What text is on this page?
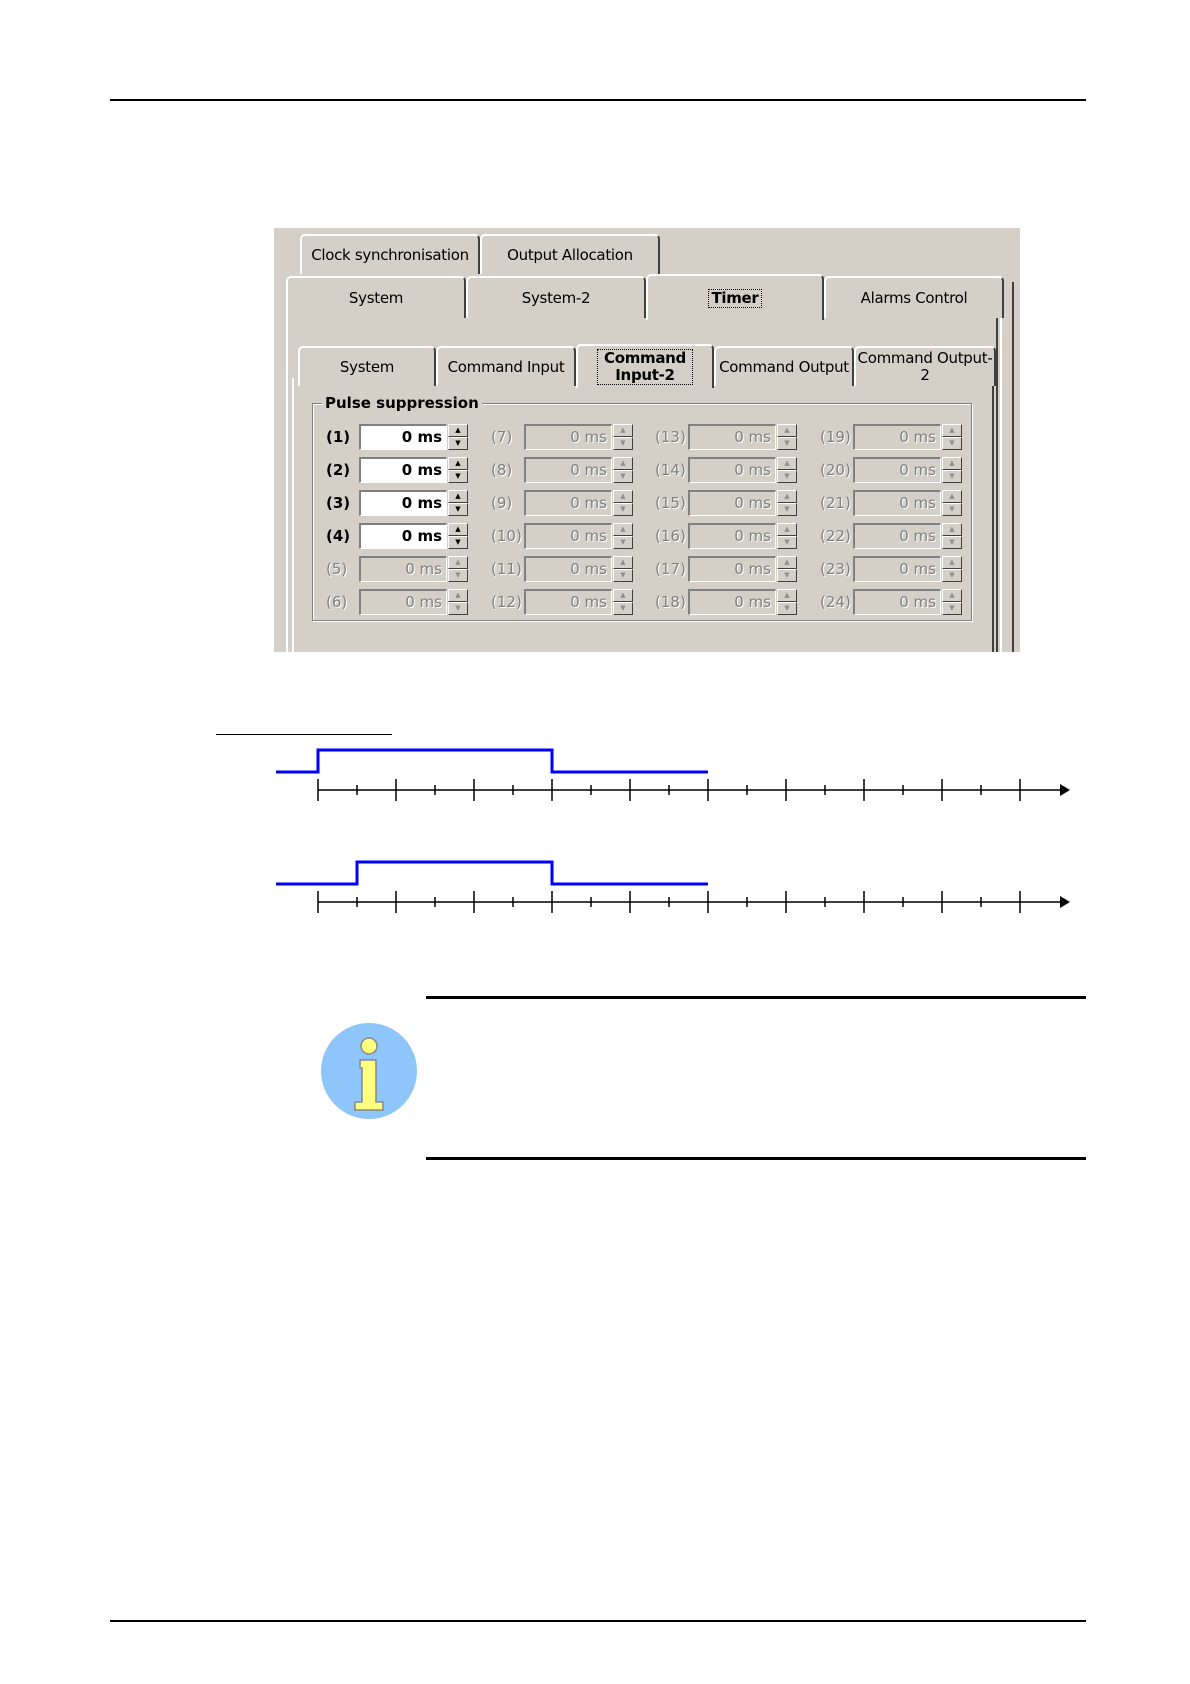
Pulse suppression
(1)	0 ms	▲
▼
(2)	0 ms	▲
▼
(3)	0 ms	▲
▼
(4)	0 ms	▲
▼
(5)	0 ms	▲
▼
(6)	0 ms	▲
▼
(7)	0 ms	▲
▼
(8)	0 ms	▲
▼
(9)	0 ms	▲
▼
(10)	0 ms	▲
▼
(11)	0 ms	▲
▼
(12)	0 ms	▲
▼
(13)	0 ms	▲
▼
(14)	0 ms	▲
▼
(15)	0 ms	▲
▼
(16)	0 ms	▲
▼
(17)	0 ms	▲
▼
(18)	0 ms	▲
▼
(19)	0 ms	▲
▼
(20)	0 ms	▲
▼
(21)	0 ms	▲
▼
(22)	0 ms	▲
▼
(23)	0 ms	▲
▼
(24)	0 ms	▲
▼
Clock synchronisation	Output Allocation
System	System-2	Timer	Alarms Control
System	Command Input	Command Input-2	Command Output Command Output-2
